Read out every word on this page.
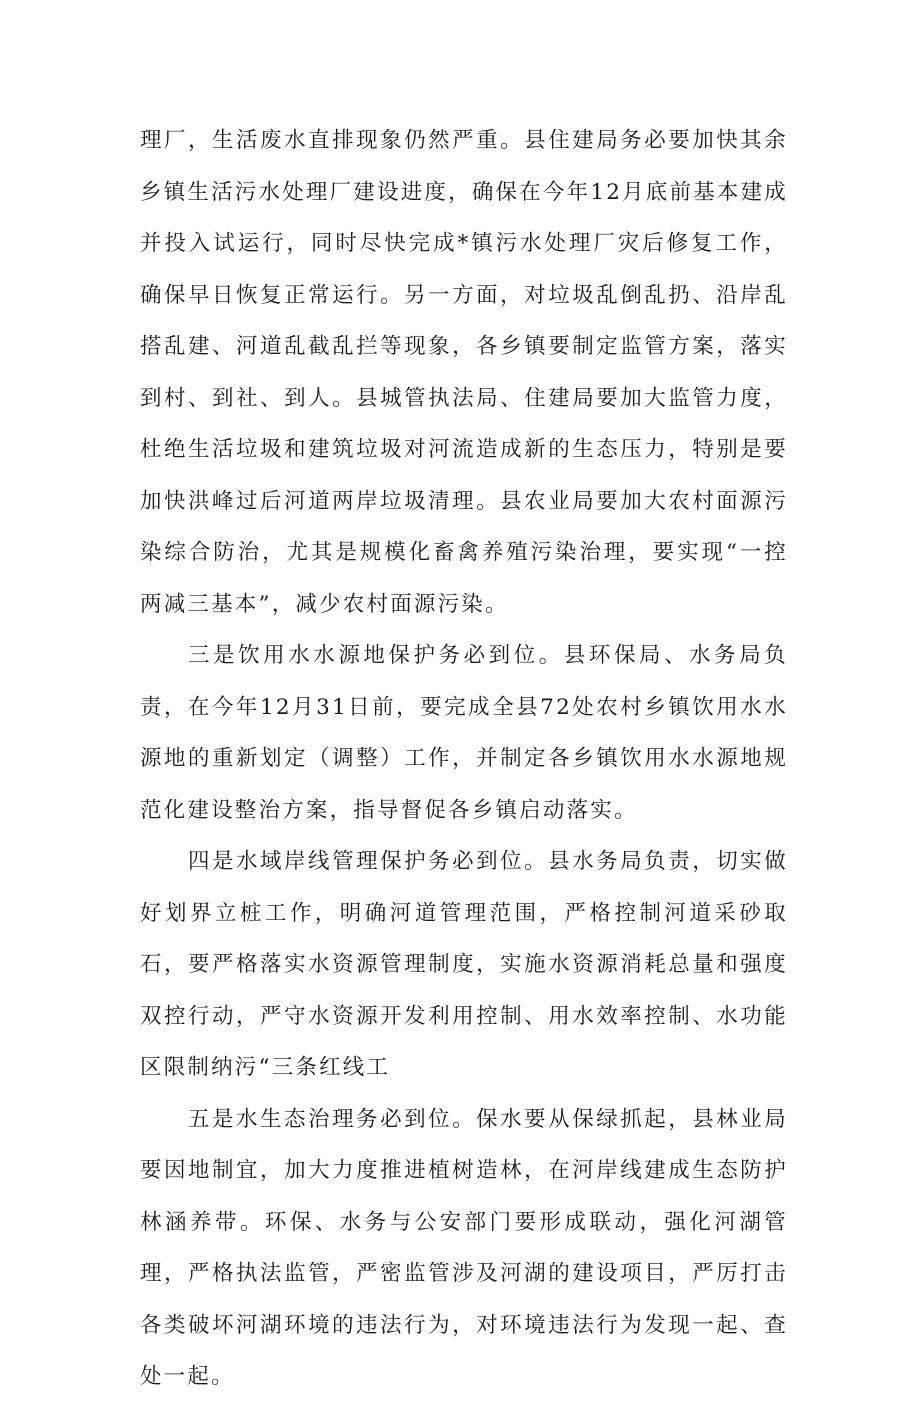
理厂，生活废水直排现象仍然严重。县住建局务必要加快其余乡镇生活污水处理厂建设进度，确保在今年12月底前基本建成并投入试运行，同时尽快完成*镇污水处理厂灾后修复工作，确保早日恢复正常运行。另一方面，对垃圾乱倒乱扔、沿岸乱搭乱建、河道乱截乱拦等现象，各乡镇要制定监管方案，落实到村、到社、到人。县城管执法局、住建局要加大监管力度，杜绝生活垃圾和建筑垃圾对河流造成新的生态压力，特别是要加快洪峰过后河道两岸垃圾清理。县农业局要加大农村面源污染综合防治，尤其是规模化畜禽养殖污染治理，要实现“一控两减三基本”，减少农村面源污染。

三是饮用水水源地保护务必到位。县环保局、水务局负责，在今年12月31日前，要完成全县72处农村乡镇饮用水水源地的重新划定（调整）工作，并制定各乡镇饮用水水源地规范化建设整治方案，指导督促各乡镇启动落实。

四是水域岸线管理保护务必到位。县水务局负责，切实做好划界立桩工作，明确河道管理范围，严格控制河道采砂取石，要严格落实水资源管理制度，实施水资源消耗总量和强度双控行动，严守水资源开发利用控制、用水效率控制、水功能区限制纳污“三条红线工

五是水生态治理务必到位。保水要从保绿抓起，县林业局要因地制宜，加大力度推进植树造林，在河岸线建成生态防护林涵养带。环保、水务与公安部门要形成联动，强化河湖管理，严格执法监管，严密监管涉及河湖的建设项目，严厉打击各类破坏河湖环境的违法行为，对环境违法行为发现一起、查处一起。
